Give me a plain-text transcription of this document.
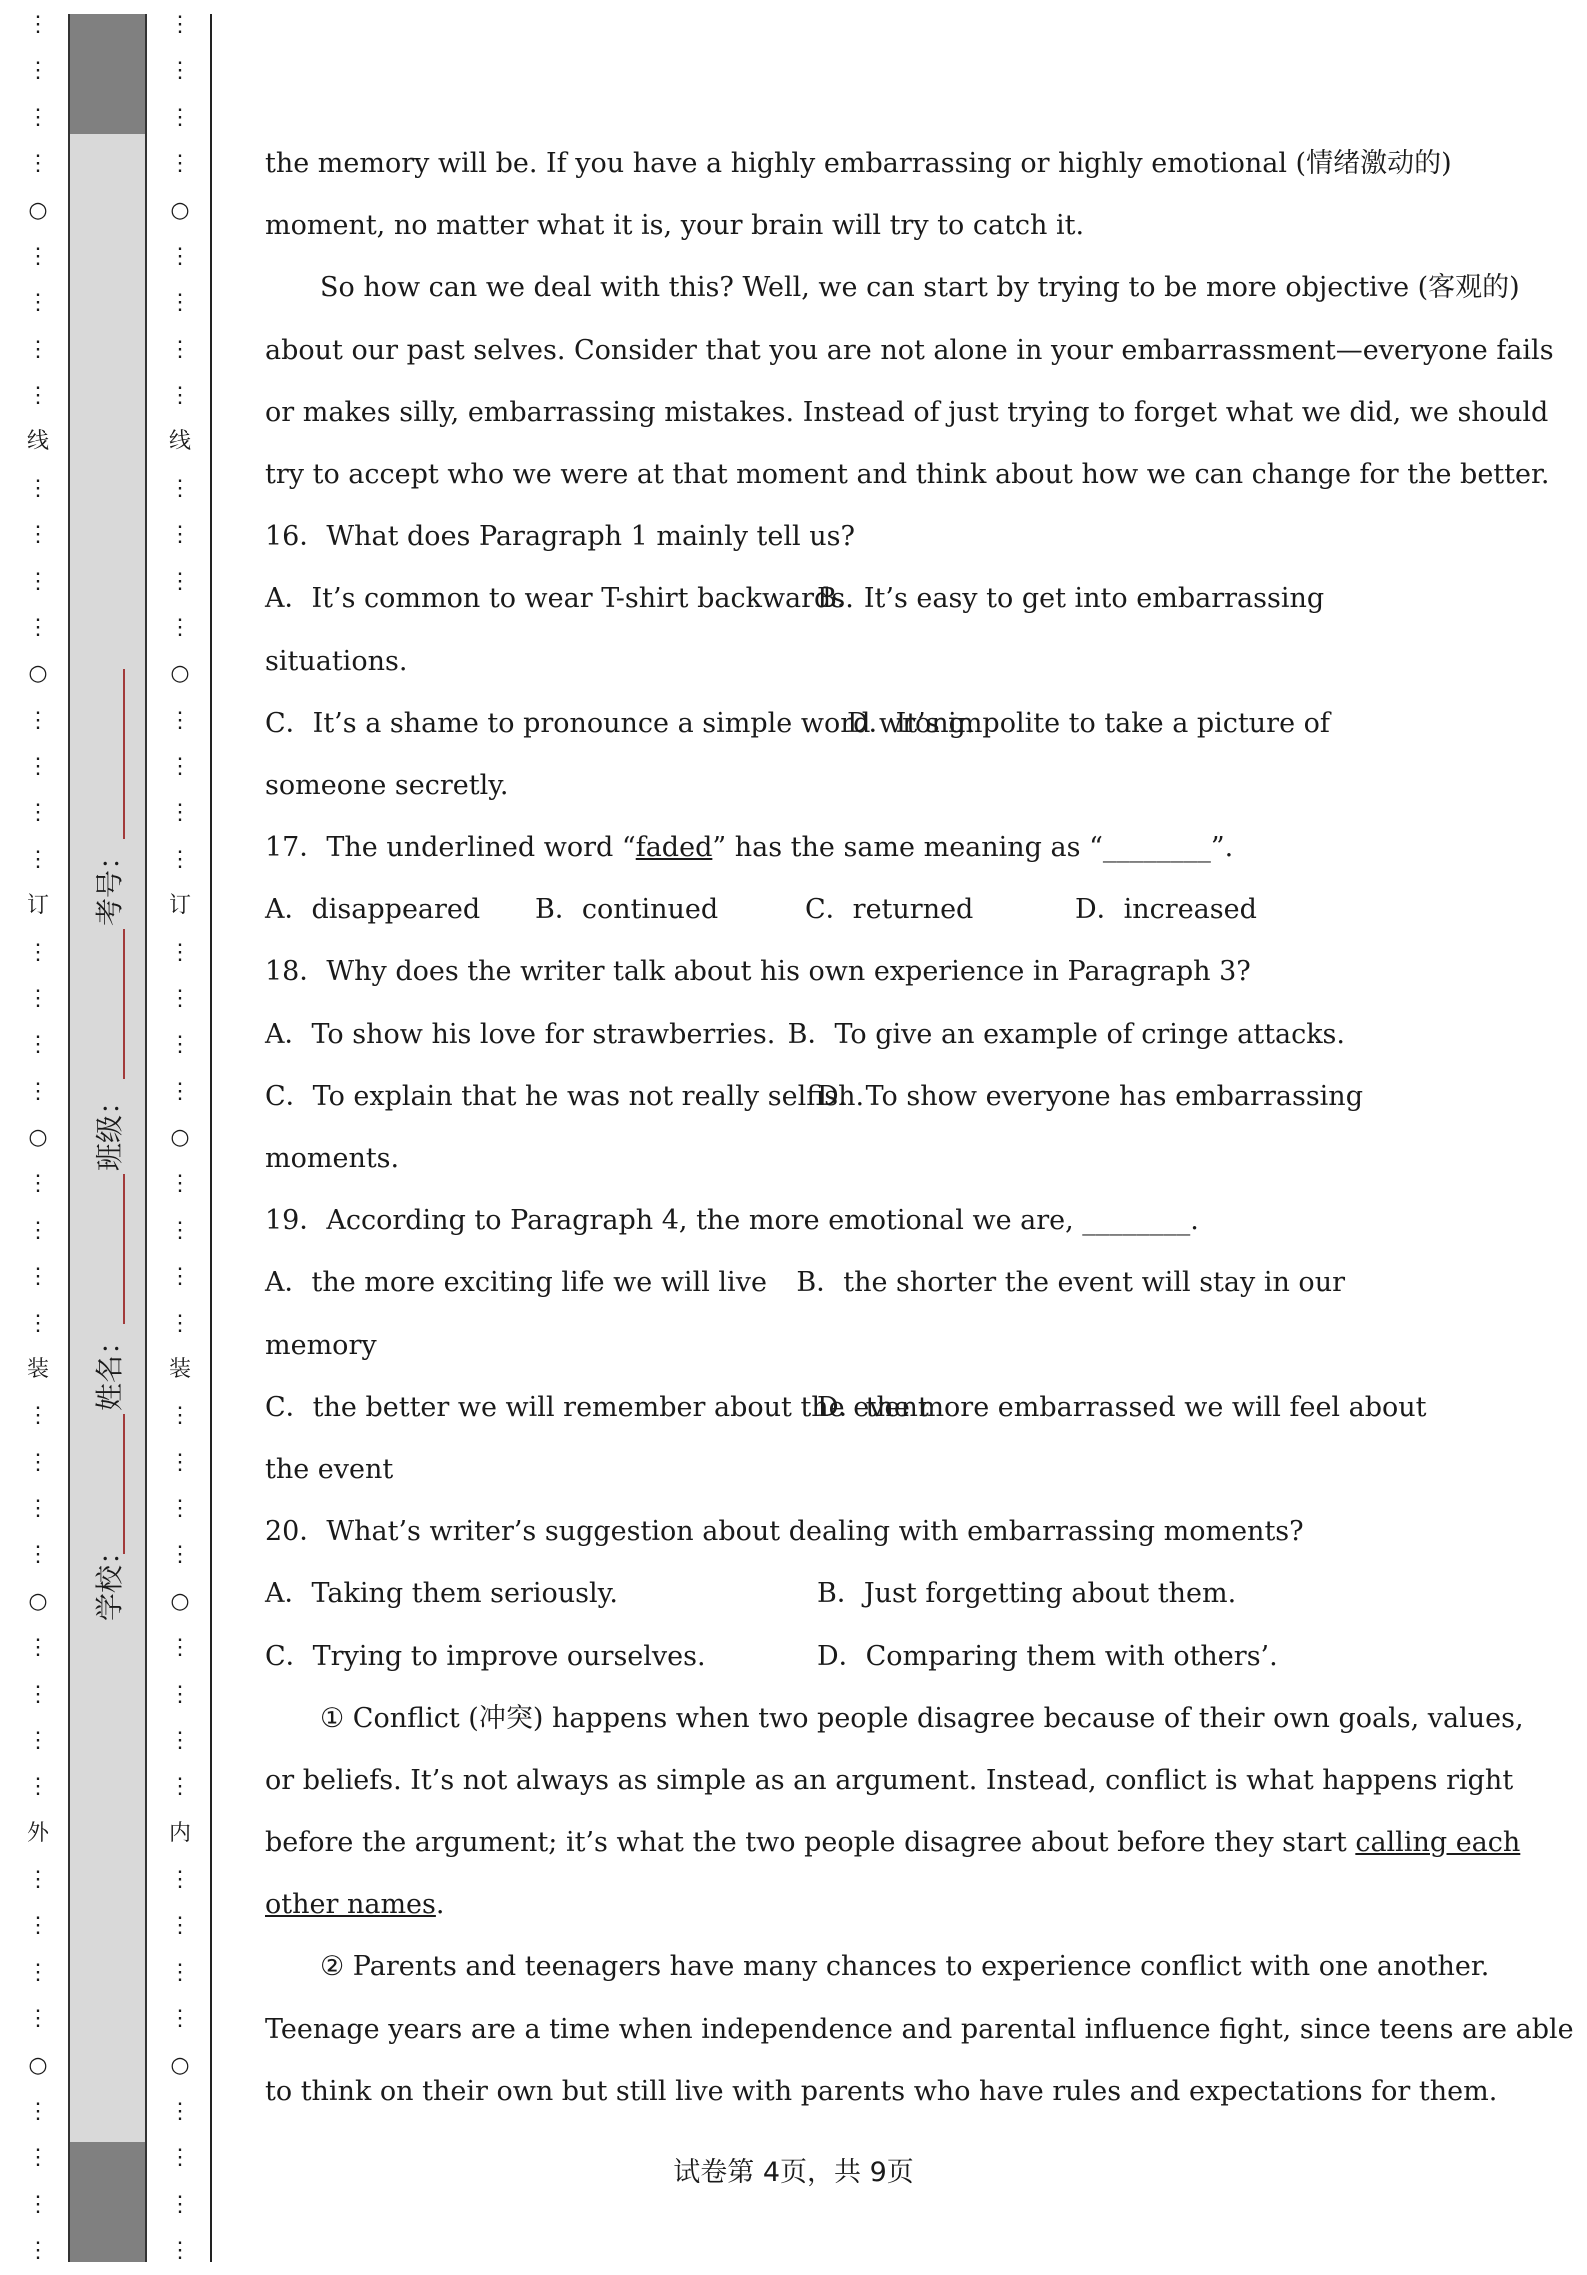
⋮
⋮
⋮
⋮
○
⋮
⋮
⋮
⋮
线
⋮
⋮
⋮
⋮
○
⋮
⋮
⋮
⋮
订
⋮
⋮
⋮
⋮
○
⋮
⋮
⋮
⋮
装
⋮
⋮
⋮
⋮
○
⋮
⋮
⋮
⋮
外
⋮
⋮
⋮
⋮
○
⋮
⋮
⋮
⋮
考号：
班级：
姓名：
学校：
⋮
⋮
⋮
⋮
○
⋮
⋮
⋮
⋮
线
⋮
⋮
⋮
⋮
○
⋮
⋮
⋮
⋮
订
⋮
⋮
⋮
⋮
○
⋮
⋮
⋮
⋮
装
⋮
⋮
⋮
⋮
○
⋮
⋮
⋮
⋮
内
⋮
⋮
⋮
⋮
○
⋮
⋮
⋮
⋮

the memory will be. If you have a highly embarrassing or highly emotional (情绪激动的)

moment, no matter what it is, your brain will try to catch it.

So how can we deal with this? Well, we can start by trying to be more objective (客观的)

about our past selves. Consider that you are not alone in your embarrassment—everyone fails

or makes silly, embarrassing mistakes. Instead of just trying to forget what we did, we should

try to accept who we were at that moment and think about how we can change for the better.

16．What does Paragraph 1 mainly tell us?

A．It’s common to wear T-shirt backwards.
B．It’s easy to get into embarrassing

situations.

C．It’s a shame to pronounce a simple word wrong.
D．It’s impolite to take a picture of

someone secretly.

17．The underlined word “faded” has the same meaning as “________”.

A．disappeared	B．continued	C．returned	D．increased

18．Why does the writer talk about his own experience in Paragraph 3?

A．To show his love for strawberries. B．To give an example of cringe attacks.

C．To explain that he was not really selfish.
D．To show everyone has embarrassing

moments.

19．According to Paragraph 4, the more emotional we are, ________.

A．the more exciting life we will live	B．the shorter the event will stay in our

memory

C．the better we will remember about the event
D．the more embarrassed we will feel about

the event

20．What’s writer’s suggestion about dealing with embarrassing moments?

A．Taking them seriously.	B．Just forgetting about them.

C．Trying to improve ourselves.	D．Comparing them with others’.

① Conflict (冲突) happens when two people disagree because of their own goals, values,

or beliefs. It’s not always as simple as an argument. Instead, conflict is what happens right

before the argument; it’s what the two people disagree about before they start calling each

other names.

② Parents and teenagers have many chances to experience conflict with one another.

Teenage years are a time when independence and parental influence fight, since teens are able

to think on their own but still live with parents who have rules and expectations for them.

试卷第 4页，共 9页
